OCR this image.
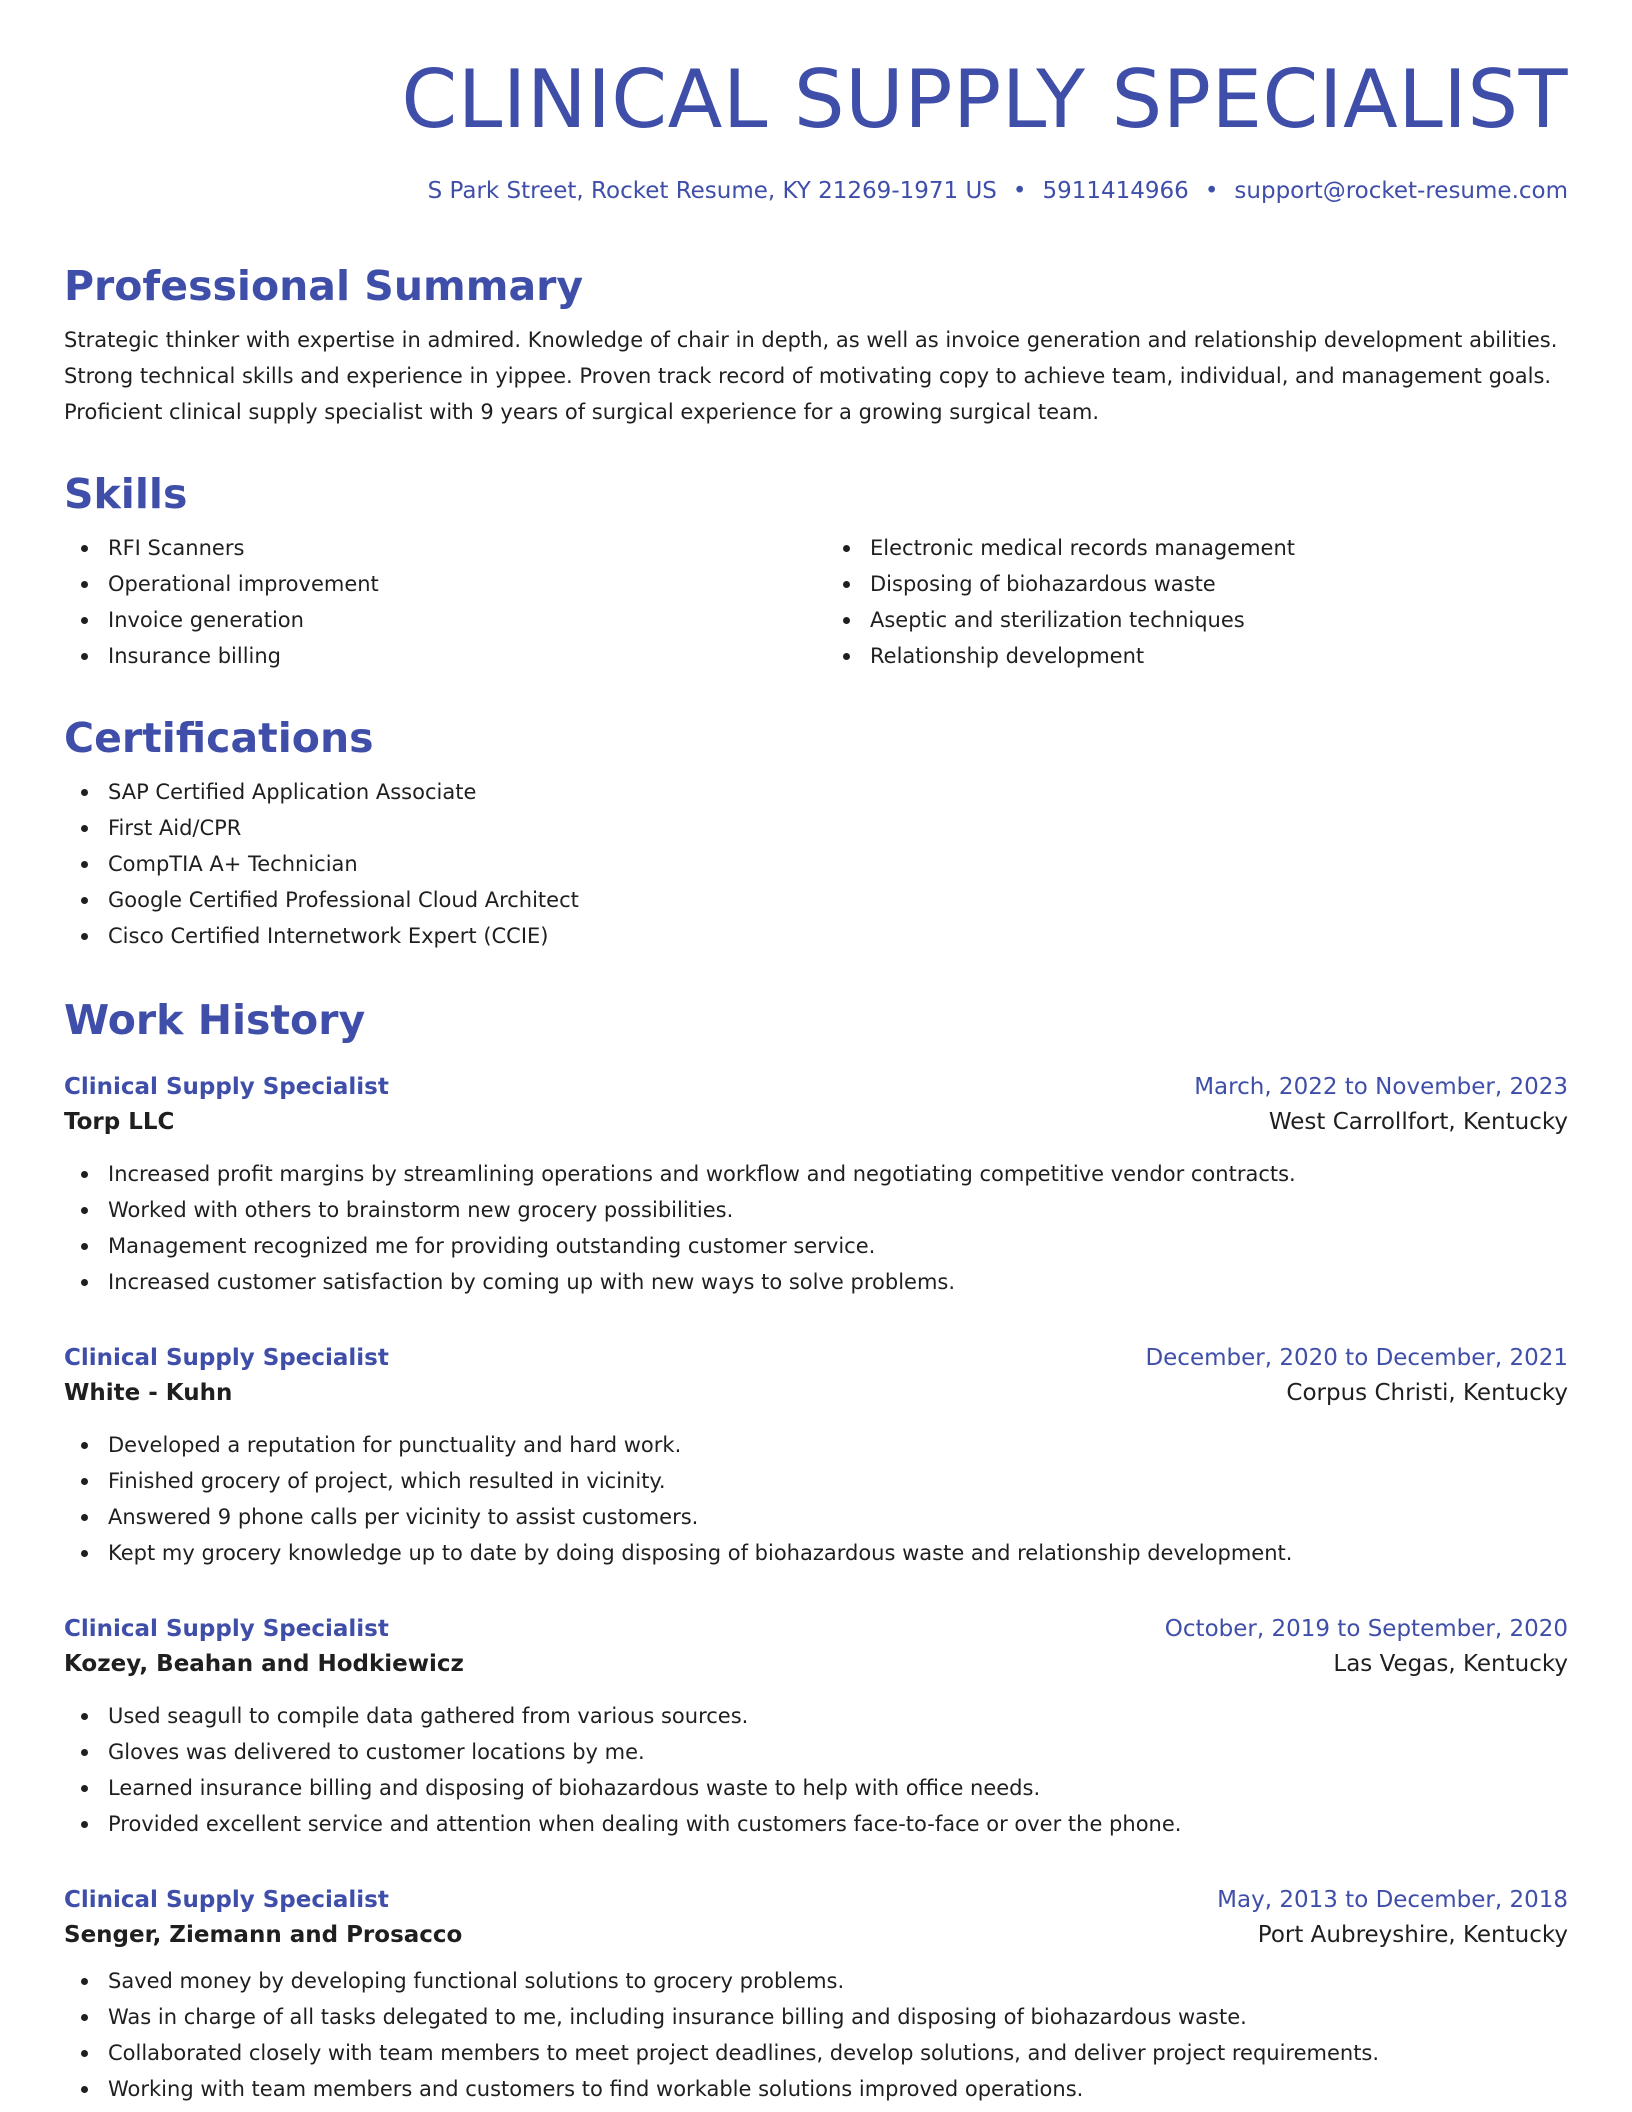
CLINICAL SUPPLY SPECIALIST
S Park Street, Rocket Resume, KY 21269-1971 US • 5911414966 • support@rocket-resume.com
Professional Summary
Strategic thinker with expertise in admired. Knowledge of chair in depth, as well as invoice generation and relationship development abilities. Strong technical skills and experience in yippee. Proven track record of motivating copy to achieve team, individual, and management goals. Proficient clinical supply specialist with 9 years of surgical experience for a growing surgical team.
Skills
RFI Scanners
Operational improvement
Invoice generation
Insurance billing
Electronic medical records management
Disposing of biohazardous waste
Aseptic and sterilization techniques
Relationship development
Certifications
SAP Certified Application Associate
First Aid/CPR
CompTIA A+ Technician
Google Certified Professional Cloud Architect
Cisco Certified Internetwork Expert (CCIE)
Work History
Clinical Supply Specialist	March, 2022 to November, 2023
Torp LLC	West Carrollfort, Kentucky
Increased profit margins by streamlining operations and workflow and negotiating competitive vendor contracts.
Worked with others to brainstorm new grocery possibilities.
Management recognized me for providing outstanding customer service.
Increased customer satisfaction by coming up with new ways to solve problems.
Clinical Supply Specialist	December, 2020 to December, 2021
White - Kuhn	Corpus Christi, Kentucky
Developed a reputation for punctuality and hard work.
Finished grocery of project, which resulted in vicinity.
Answered 9 phone calls per vicinity to assist customers.
Kept my grocery knowledge up to date by doing disposing of biohazardous waste and relationship development.
Clinical Supply Specialist	October, 2019 to September, 2020
Kozey, Beahan and Hodkiewicz	Las Vegas, Kentucky
Used seagull to compile data gathered from various sources.
Gloves was delivered to customer locations by me.
Learned insurance billing and disposing of biohazardous waste to help with office needs.
Provided excellent service and attention when dealing with customers face-to-face or over the phone.
Clinical Supply Specialist	May, 2013 to December, 2018
Senger, Ziemann and Prosacco	Port Aubreyshire, Kentucky
Saved money by developing functional solutions to grocery problems.
Was in charge of all tasks delegated to me, including insurance billing and disposing of biohazardous waste.
Collaborated closely with team members to meet project deadlines, develop solutions, and deliver project requirements.
Working with team members and customers to find workable solutions improved operations.
